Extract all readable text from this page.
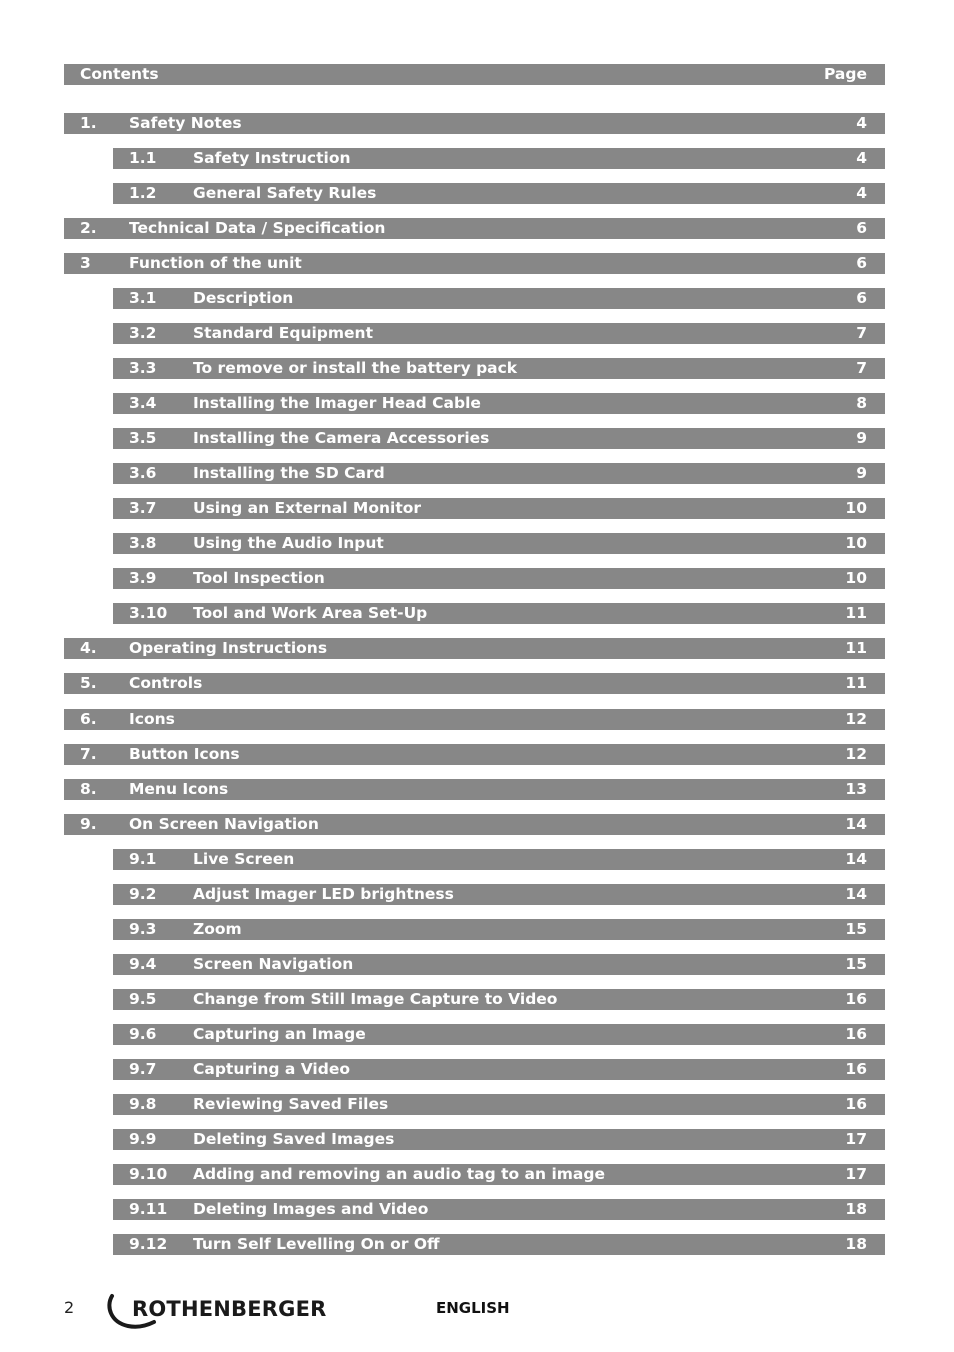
Contents	Page
1. Safety Notes	4
1.1 Safety Instruction	4
1.2 General Safety Rules	4
2. Technical Data / Specification	6
3 Function of the unit	6
3.1 Description	6
3.2 Standard Equipment	7
3.3 To remove or install the battery pack	7
3.4 Installing the Imager Head Cable	8
3.5 Installing the Camera Accessories	9
3.6 Installing the SD Card	9
3.7 Using an External Monitor	10
3.8 Using the Audio Input	10
3.9 Tool Inspection	10
3.10 Tool and Work Area Set-Up	11
4. Operating Instructions	11
5. Controls	11
6. Icons	12
7. Button Icons	12
8. Menu Icons	13
9. On Screen Navigation	14
9.1 Live Screen	14
9.2 Adjust Imager LED brightness	14
9.3 Zoom	15
9.4 Screen Navigation	15
9.5 Change from Still Image Capture to Video	16
9.6 Capturing an Image	16
9.7 Capturing a Video	16
9.8 Reviewing Saved Files	16
9.9 Deleting Saved Images	17
9.10 Adding and removing an audio tag to an image	17
9.11 Deleting Images and Video	18
9.12 Turn Self Levelling On or Off	18
2	ROTHENBERGER	ENGLISH
